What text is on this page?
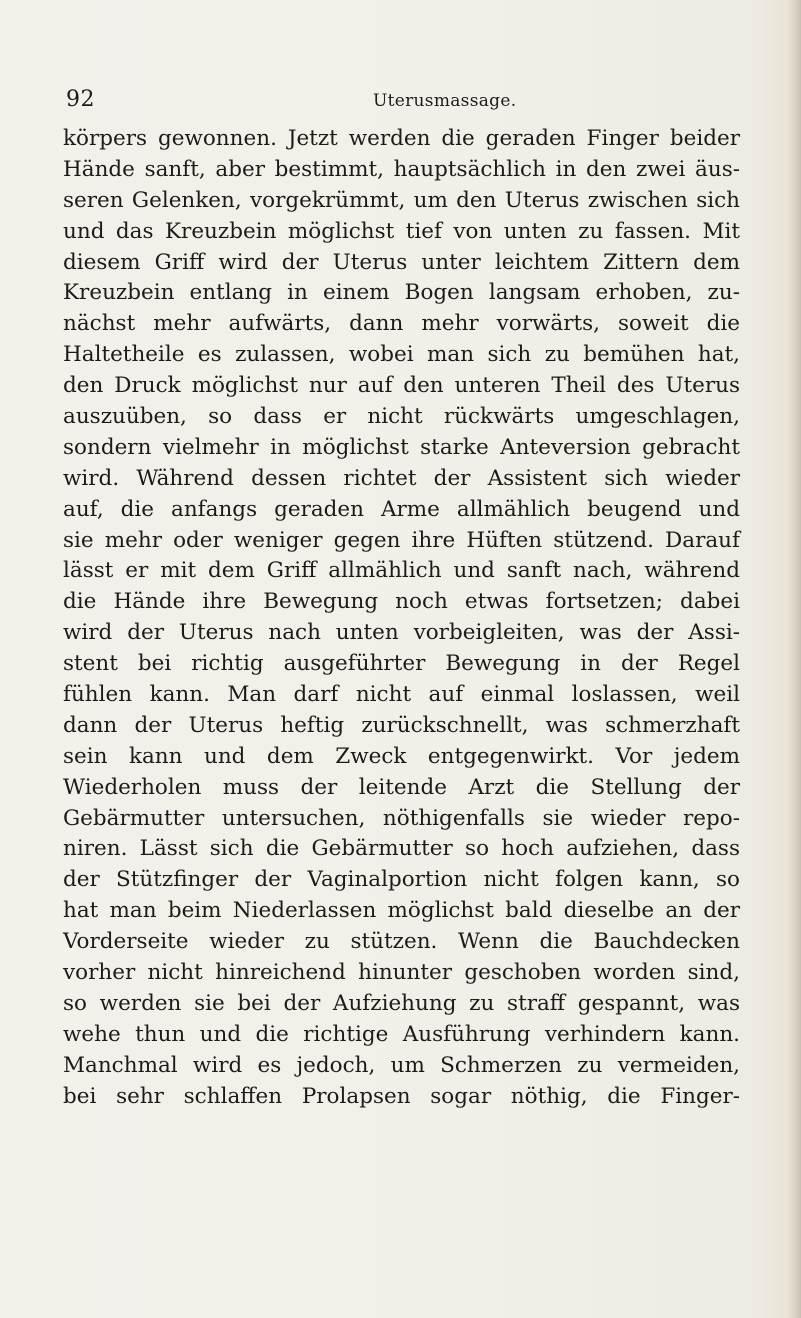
92	Uterusmassage.
körpers gewonnen. Jetzt werden die geraden Finger beider
Hände sanft, aber bestimmt, hauptsächlich in den zwei äus-
seren Gelenken, vorgekrümmt, um den Uterus zwischen sich
und das Kreuzbein möglichst tief von unten zu fassen. Mit
diesem Griff wird der Uterus unter leichtem Zittern dem
Kreuzbein entlang in einem Bogen langsam erhoben, zu-
nächst mehr aufwärts, dann mehr vorwärts, soweit die
Haltetheile es zulassen, wobei man sich zu bemühen hat,
den Druck möglichst nur auf den unteren Theil des Uterus
auszuüben, so dass er nicht rückwärts umgeschlagen,
sondern vielmehr in möglichst starke Anteversion gebracht
wird. Während dessen richtet der Assistent sich wieder
auf, die anfangs geraden Arme allmählich beugend und
sie mehr oder weniger gegen ihre Hüften stützend. Darauf
lässt er mit dem Griff allmählich und sanft nach, während
die Hände ihre Bewegung noch etwas fortsetzen; dabei
wird der Uterus nach unten vorbeigleiten, was der Assi-
stent bei richtig ausgeführter Bewegung in der Regel
fühlen kann. Man darf nicht auf einmal loslassen, weil
dann der Uterus heftig zurückschnellt, was schmerzhaft
sein kann und dem Zweck entgegenwirkt. Vor jedem
Wiederholen muss der leitende Arzt die Stellung der
Gebärmutter untersuchen, nöthigenfalls sie wieder repo-
niren. Lässt sich die Gebärmutter so hoch aufziehen, dass
der Stützfinger der Vaginalportion nicht folgen kann, so
hat man beim Niederlassen möglichst bald dieselbe an der
Vorderseite wieder zu stützen. Wenn die Bauchdecken
vorher nicht hinreichend hinunter geschoben worden sind,
so werden sie bei der Aufziehung zu straff gespannt, was
wehe thun und die richtige Ausführung verhindern kann.
Manchmal wird es jedoch, um Schmerzen zu vermeiden,
bei sehr schlaffen Prolapsen sogar nöthig, die Finger-
